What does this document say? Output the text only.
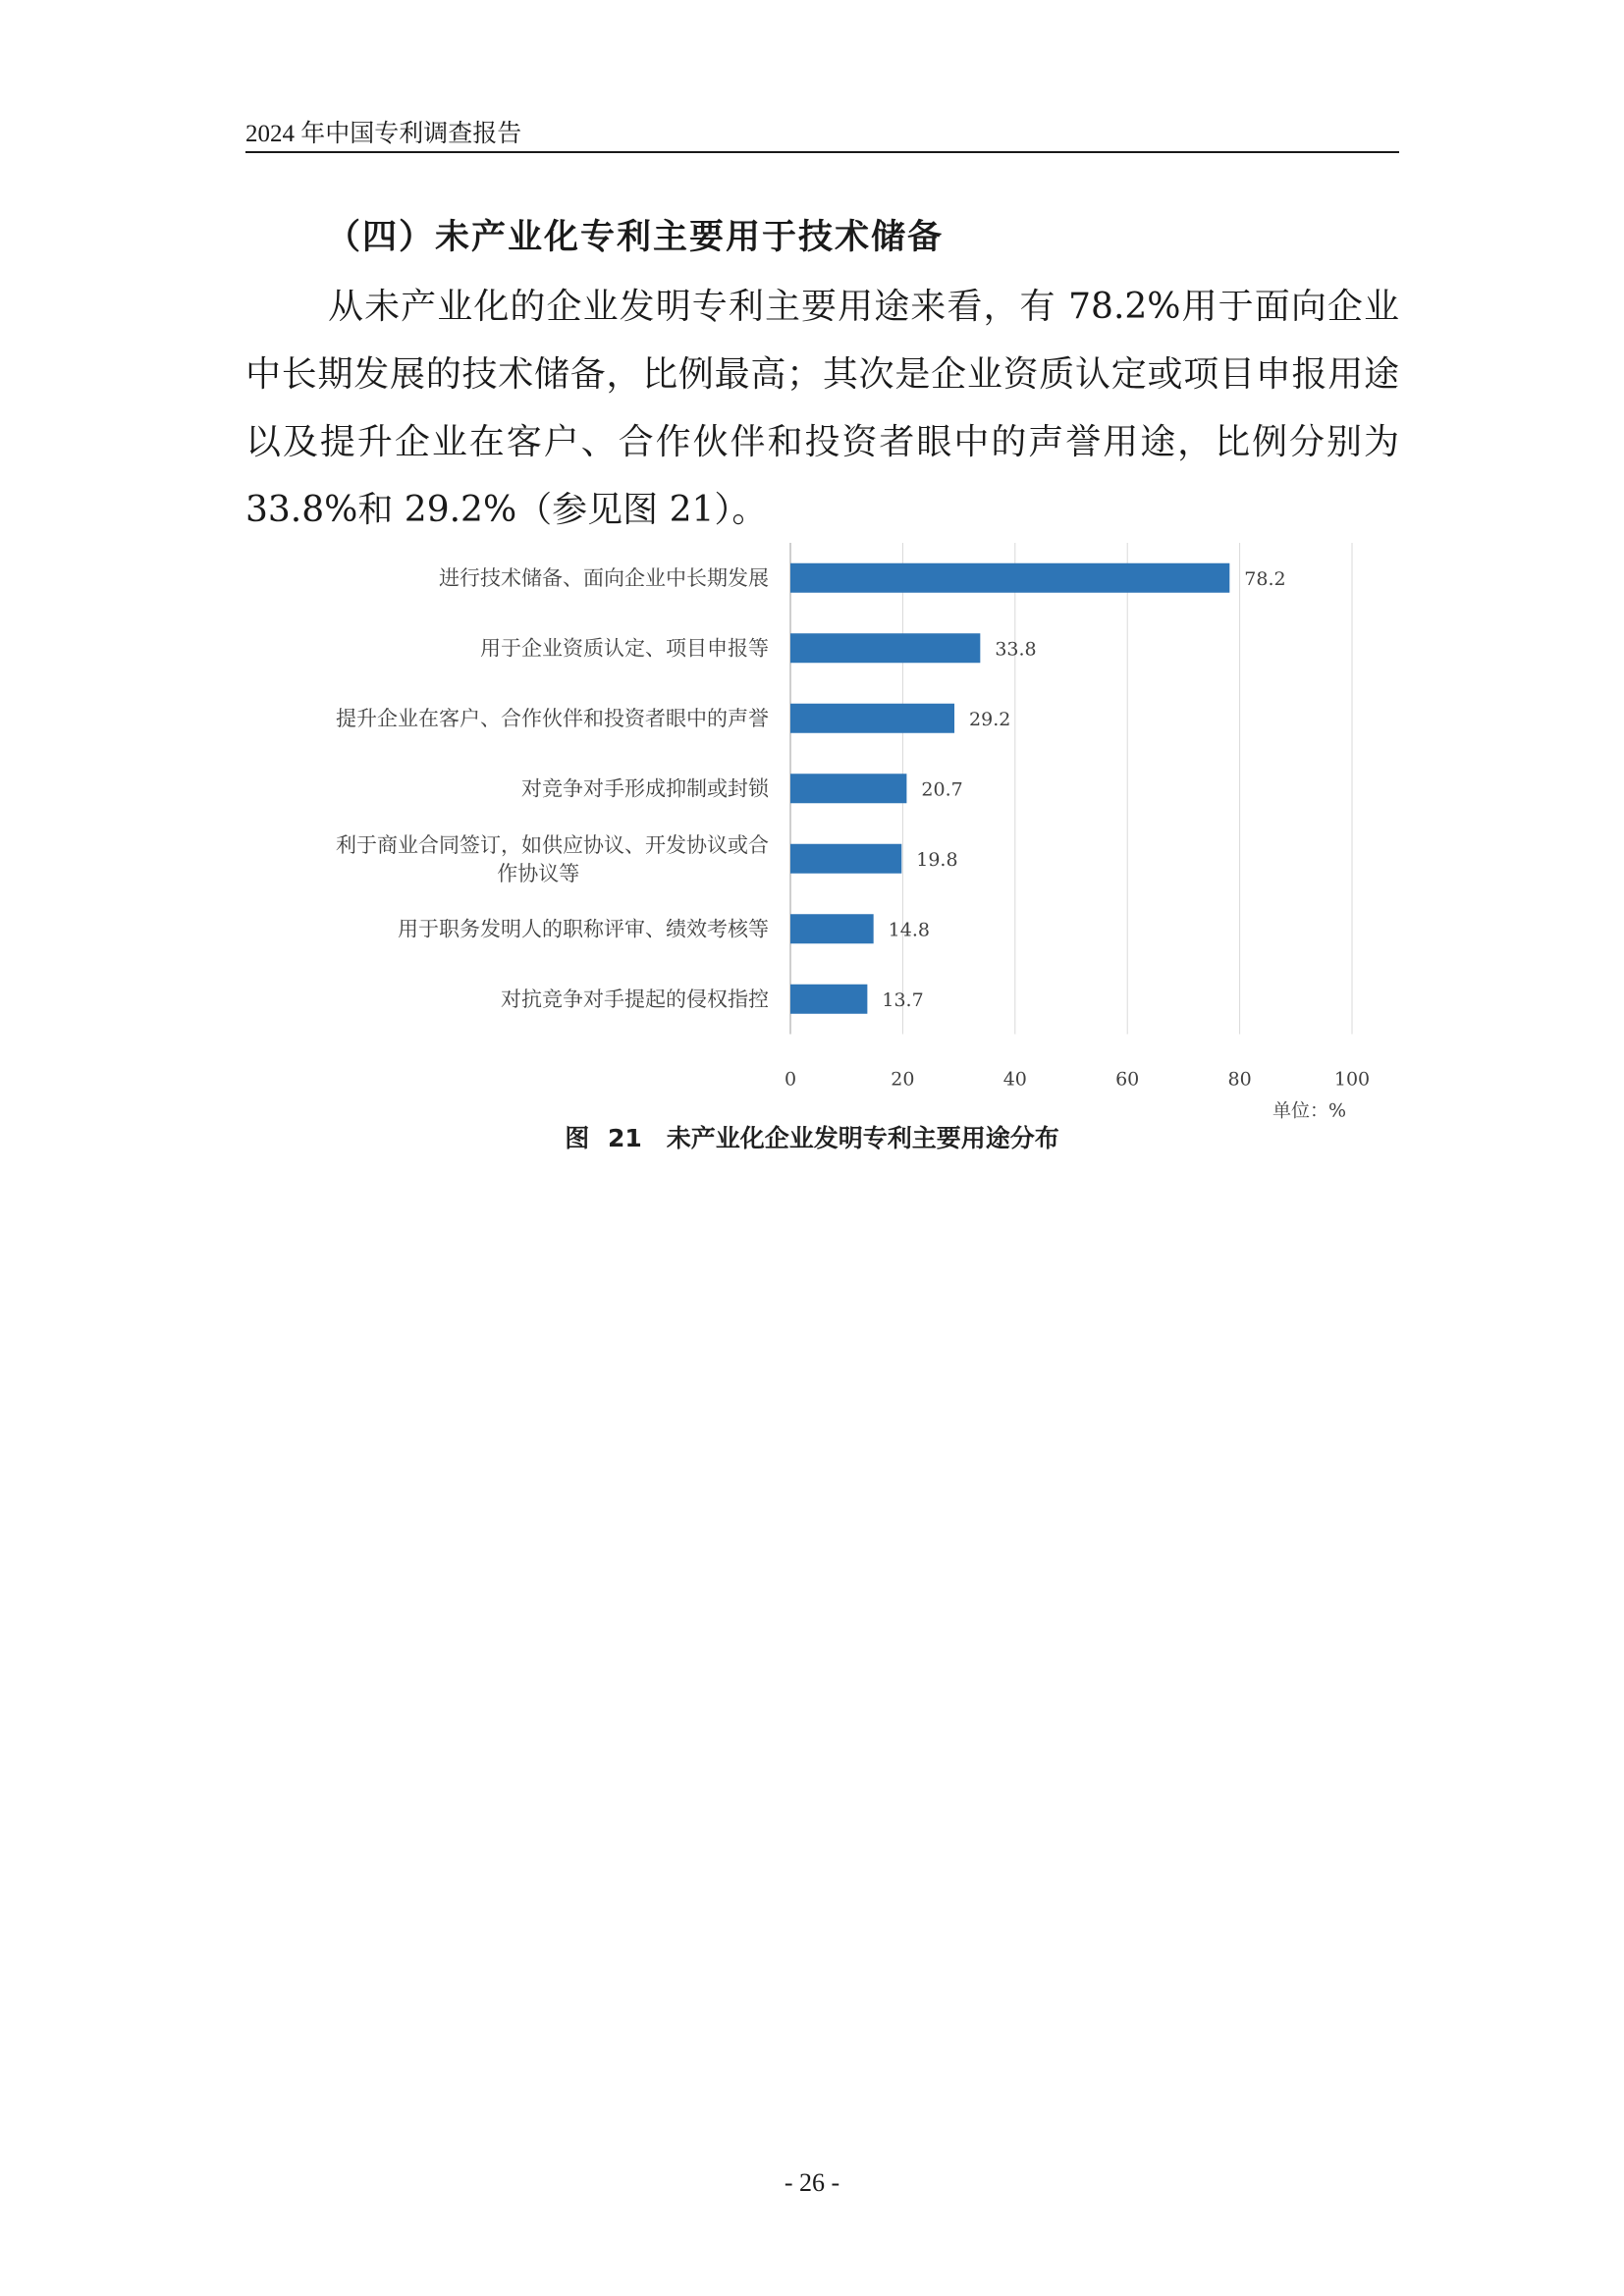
2024 年中国专利调查报告
（四）未产业化专利主要用于技术储备

从未产业化的企业发明专利主要用途来看，有 78.2%用于面向企业中长期发展的技术储备，比例最高；其次是企业资质认定或项目申报用途以及提升企业在客户、合作伙伴和投资者眼中的声誉用途，比例分别为 33.8%和 29.2%（参见图 21）。

0	20	40	60	80	100
78.2
进行技术储备、面向企业中长期发展
33.8
用于企业资质认定、项目申报等
29.2
提升企业在客户、合作伙伴和投资者眼中的声誉
20.7
对竞争对手形成抑制或封锁
19.8
利于商业合同签订，如供应协议、开发协议或合作协议等
14.8
用于职务发明人的职称评审、绩效考核等
13.7
对抗竞争对手提起的侵权指控
单位：%
图 21　未产业化企业发明专利主要用途分布
- 26 -
